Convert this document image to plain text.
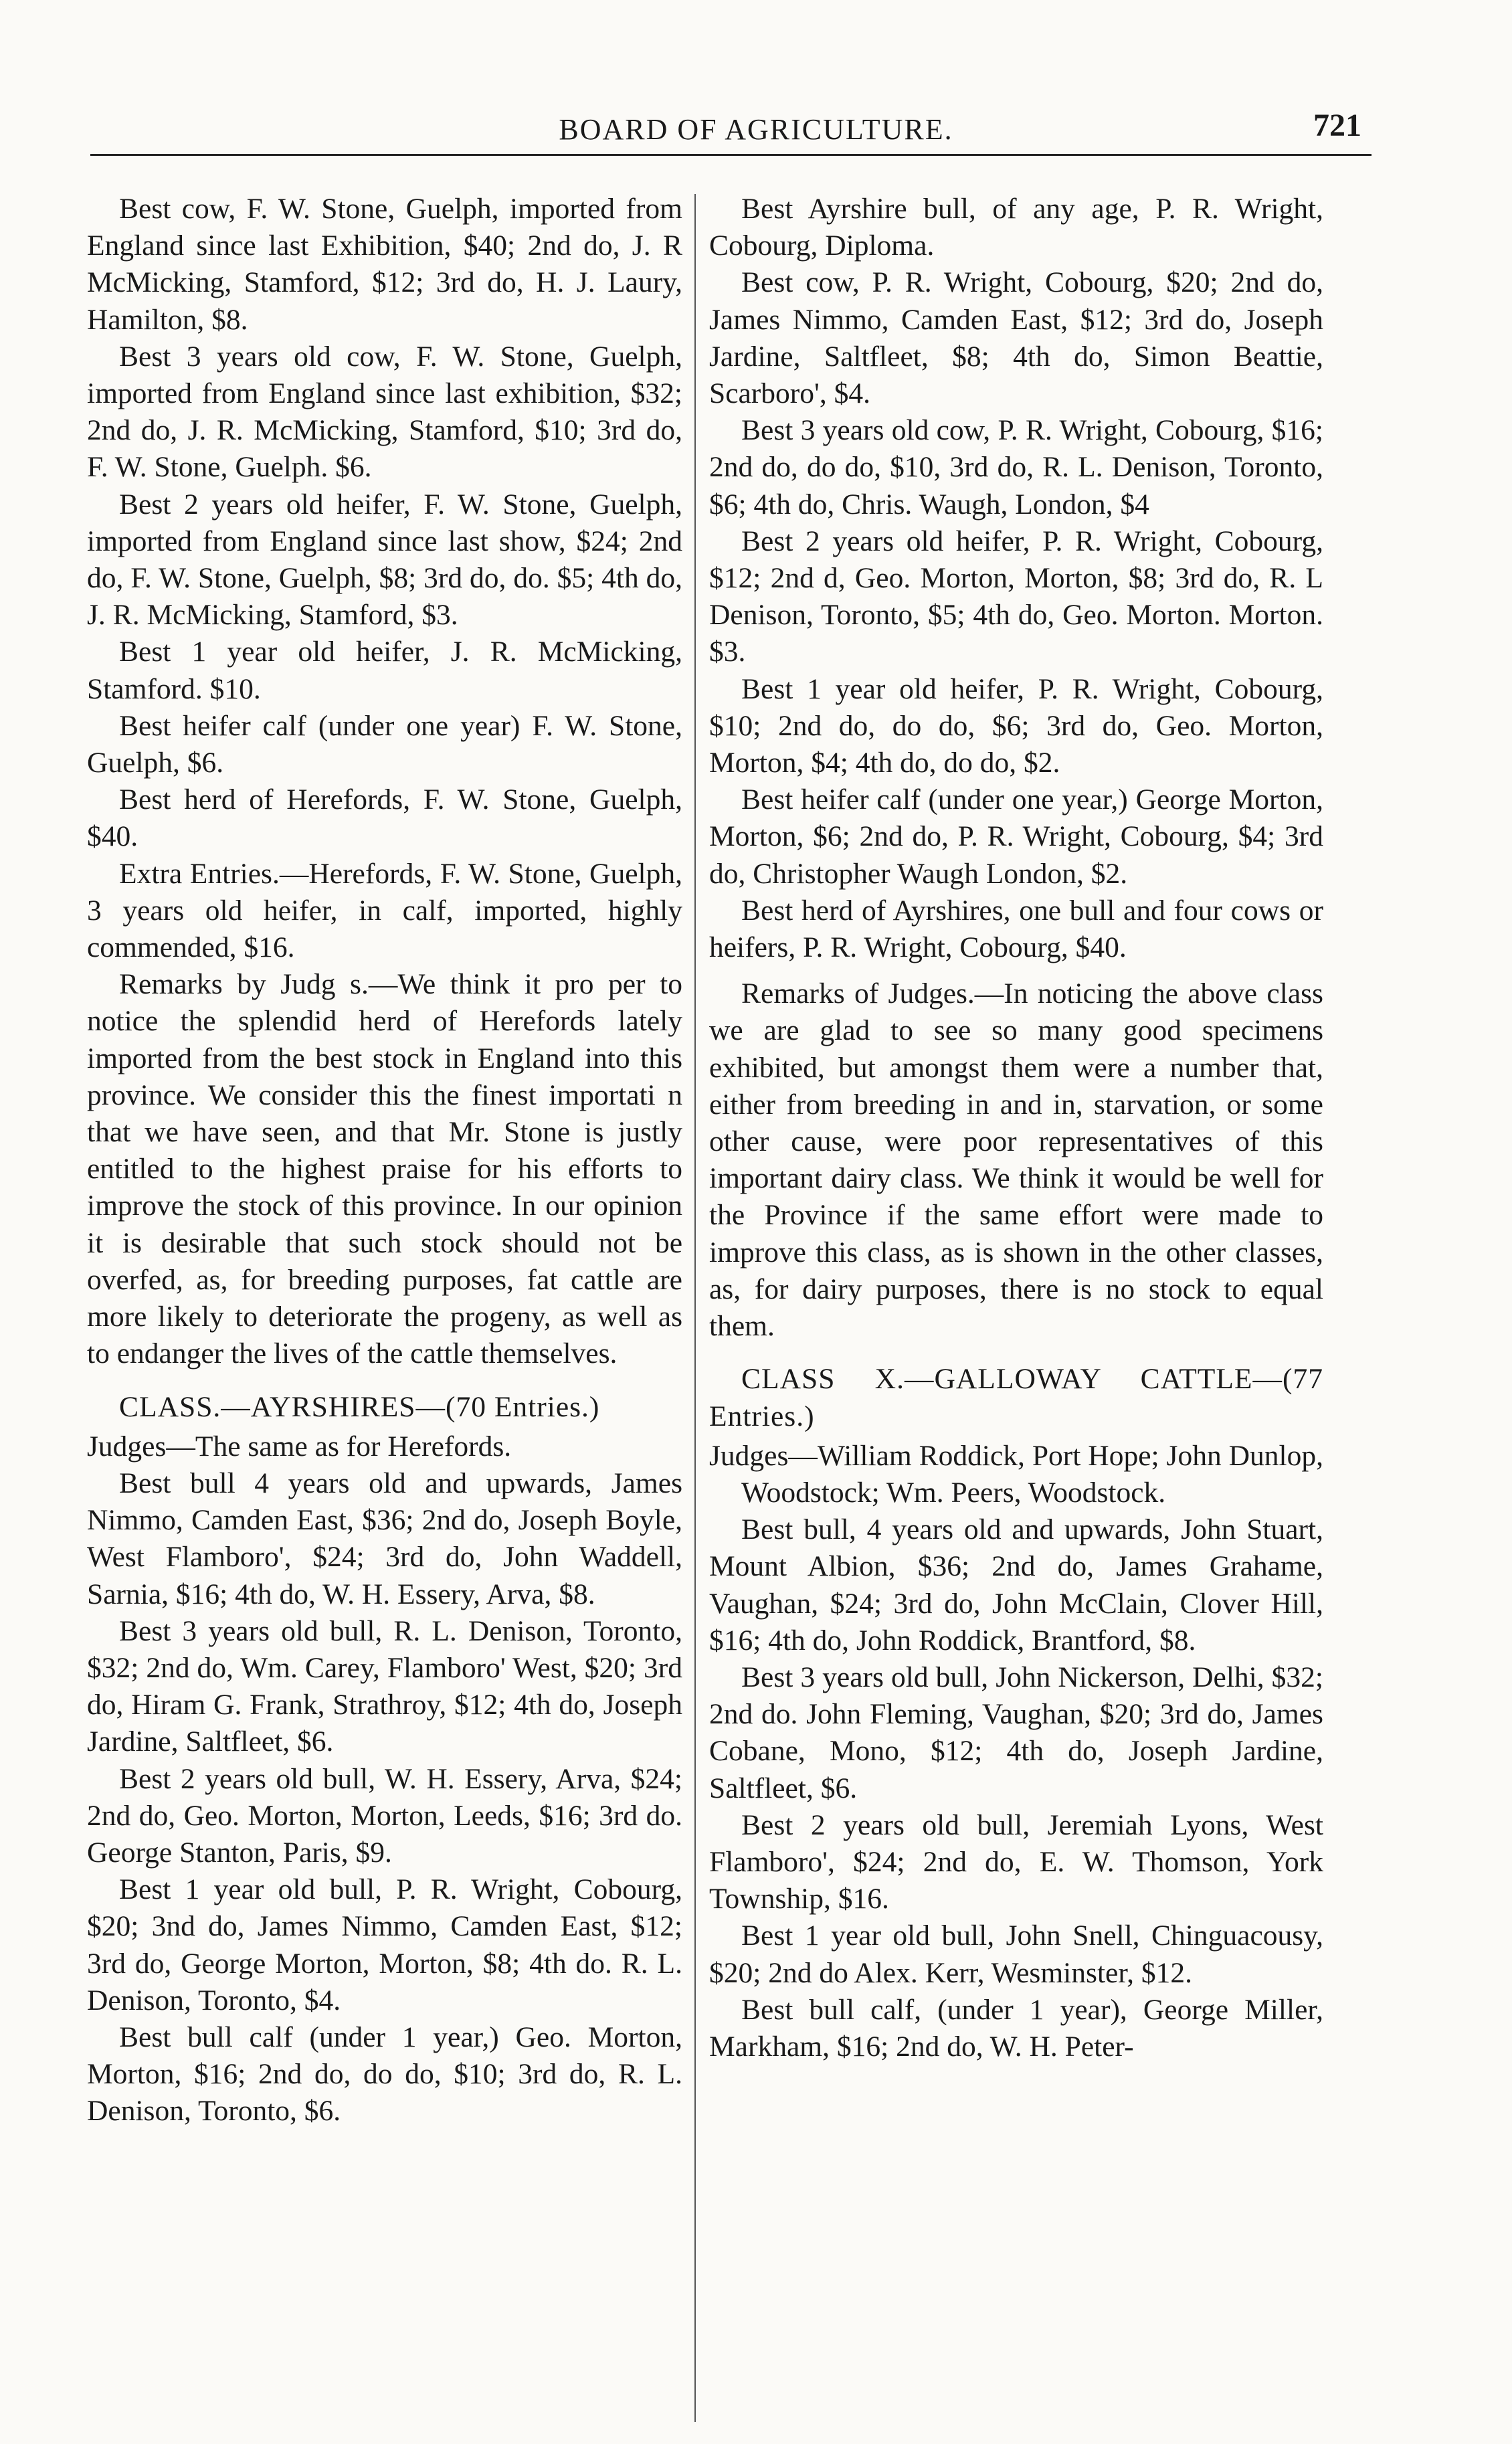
BOARD OF AGRICULTURE.	721

Best cow, F. W. Stone, Guelph, imported from England since last Exhibition, $40; 2nd do, J. R McMicking, Stamford, $12; 3rd do, H. J. Laury, Hamilton, $8.

Best 3 years old cow, F. W. Stone, Guelph, imported from England since last exhibition, $32; 2nd do, J. R. McMicking, Stamford, $10; 3rd do, F. W. Stone, Guelph. $6.

Best 2 years old heifer, F. W. Stone, Guelph, imported from England since last show, $24; 2nd do, F. W. Stone, Guelph, $8; 3rd do, do. $5; 4th do, J. R. McMicking, Stamford, $3.

Best 1 year old heifer, J. R. McMicking, Stamford. $10.

Best heifer calf (under one year) F. W. Stone, Guelph, $6.

Best herd of Herefords, F. W. Stone, Guelph, $40.

Extra Entries.—Herefords, F. W. Stone, Guelph, 3 years old heifer, in calf, imported, highly commended, $16.

Remarks by Judg s.—We think it pro per to notice the splendid herd of Herefords lately imported from the best stock in England into this province. We consider this the finest importati n that we have seen, and that Mr. Stone is justly entitled to the highest praise for his efforts to improve the stock of this province. In our opinion it is desirable that such stock should not be overfed, as, for breeding purposes, fat cattle are more likely to deteriorate the progeny, as well as to endanger the lives of the cattle themselves.

CLASS.—AYRSHIRES—(70 Entries.)

Judges—The same as for Herefords.

Best bull 4 years old and upwards, James Nimmo, Camden East, $36; 2nd do, Joseph Boyle, West Flamboro', $24; 3rd do, John Waddell, Sarnia, $16; 4th do, W. H. Essery, Arva, $8.

Best 3 years old bull, R. L. Denison, Toronto, $32; 2nd do, Wm. Carey, Flamboro' West, $20; 3rd do, Hiram G. Frank, Strathroy, $12; 4th do, Joseph Jardine, Saltfleet, $6.

Best 2 years old bull, W. H. Essery, Arva, $24; 2nd do, Geo. Morton, Morton, Leeds, $16; 3rd do. George Stanton, Paris, $9.

Best 1 year old bull, P. R. Wright, Cobourg, $20; 3nd do, James Nimmo, Camden East, $12; 3rd do, George Morton, Morton, $8; 4th do. R. L. Denison, Toronto, $4.

Best bull calf (under 1 year,) Geo. Morton, Morton, $16; 2nd do, do do, $10; 3rd do, R. L. Denison, Toronto, $6.

Best Ayrshire bull, of any age, P. R. Wright, Cobourg, Diploma.

Best cow, P. R. Wright, Cobourg, $20; 2nd do, James Nimmo, Camden East, $12; 3rd do, Joseph Jardine, Saltfleet, $8; 4th do, Simon Beattie, Scarboro', $4.

Best 3 years old cow, P. R. Wright, Cobourg, $16; 2nd do, do do, $10, 3rd do, R. L. Denison, Toronto, $6; 4th do, Chris. Waugh, London, $4

Best 2 years old heifer, P. R. Wright, Cobourg, $12; 2nd d, Geo. Morton, Morton, $8; 3rd do, R. L Denison, Toronto, $5; 4th do, Geo. Morton. Morton. $3.

Best 1 year old heifer, P. R. Wright, Cobourg, $10; 2nd do, do do, $6; 3rd do, Geo. Morton, Morton, $4; 4th do, do do, $2.

Best heifer calf (under one year,) George Morton, Morton, $6; 2nd do, P. R. Wright, Cobourg, $4; 3rd do, Christopher Waugh London, $2.

Best herd of Ayrshires, one bull and four cows or heifers, P. R. Wright, Cobourg, $40.

Remarks of Judges.—In noticing the above class we are glad to see so many good specimens exhibited, but amongst them were a number that, either from breeding in and in, starvation, or some other cause, were poor representatives of this important dairy class. We think it would be well for the Province if the same effort were made to improve this class, as is shown in the other classes, as, for dairy purposes, there is no stock to equal them.

CLASS X.—GALLOWAY CATTLE—(77 Entries.)

Judges—William Roddick, Port Hope; John Dunlop, Woodstock; Wm. Peers, Woodstock.

Best bull, 4 years old and upwards, John Stuart, Mount Albion, $36; 2nd do, James Grahame, Vaughan, $24; 3rd do, John McClain, Clover Hill, $16; 4th do, John Roddick, Brantford, $8.

Best 3 years old bull, John Nickerson, Delhi, $32; 2nd do. John Fleming, Vaughan, $20; 3rd do, James Cobane, Mono, $12; 4th do, Joseph Jardine, Saltfleet, $6.

Best 2 years old bull, Jeremiah Lyons, West Flamboro', $24; 2nd do, E. W. Thomson, York Township, $16.

Best 1 year old bull, John Snell, Chinguacousy, $20; 2nd do Alex. Kerr, Wesminster, $12.

Best bull calf, (under 1 year), George Miller, Markham, $16; 2nd do, W. H. Peter-
